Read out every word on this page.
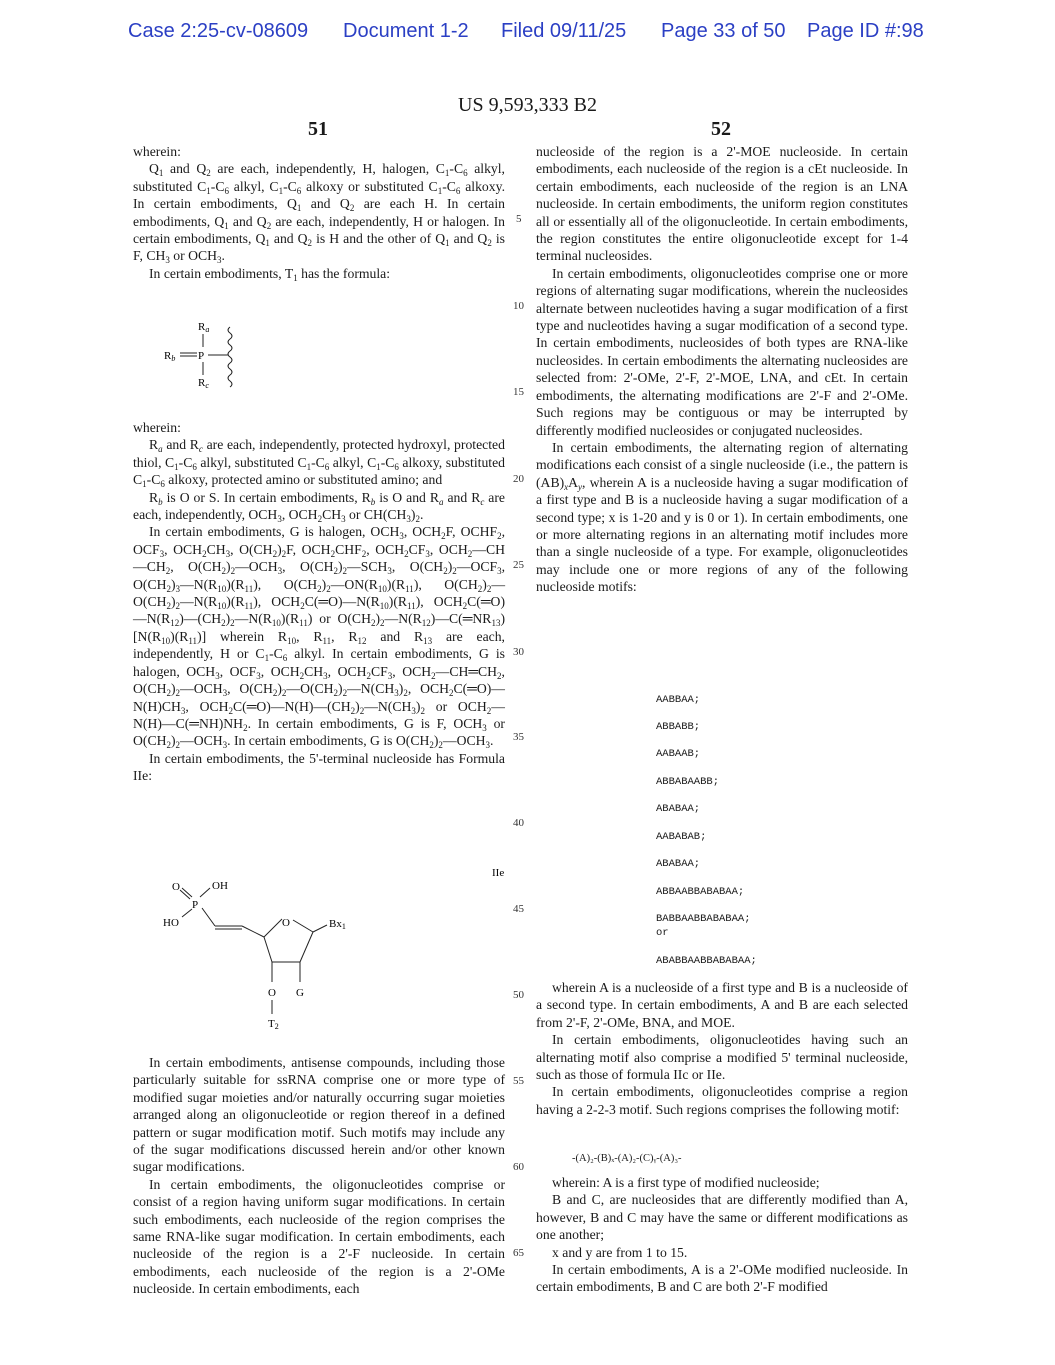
Case 2:25-cv-08609 Document 1-2 Filed 09/11/25 Page 33 of 50 Page ID #:98
US 9,593,333 B2
51	52

wherein:

$Q_1$ and $Q_2$ are each, independently, H, halogen, $C_1-C_6$ alkyl, substituted $C_1-C_6$ alkyl, $C_1-C_6$ alkoxy or substituted $C_1-C_6$ alkoxy. In certain embodiments, $Q_1$ and $Q_2$ are each H. In certain embodiments, $Q_1$ and $Q_2$ are each, independently, H or halogen. In certain embodiments, $Q_1$ and $Q_2$ is H and the other of $Q_1$ and $Q_2$ is F, $CH_3$ or $OCH_3$.

In certain embodiments, $T_1$ has the formula:

Ra
Rb P
Rc

wherein:

$R_a$ and $R_c$ are each, independently, protected hydroxyl, protected thiol, $C_1-C_6$ alkyl, substituted $C_1-C_6$ alkyl, $C_1-C_6$ alkoxy, substituted $C_1-C_6$ alkoxy, protected amino or substituted amino; and

$R_b$ is O or S. In certain embodiments, $R_b$ is O and $R_a$ and $R_c$ are each, independently, $OCH_3$, $OCH_2CH_3$ or $CH(CH_3)_2$.

In certain embodiments, G is halogen, $OCH_3$, $OCH_2F$, $OCHF_2$, $OCF_3$, $OCH_2CH_3$, $O(CH_2)_2F$, $OCH_2CHF_2$, $OCH_2CF_3$, $OCH_2—CH—CH_2$, $O(CH_2)_2—OCH_3$, $O(CH_2)_2—SCH_3$, $O(CH_2)_2—OCF_3$, $O(CH_2)_3—N(R_{10})(R_{11})$, $O(CH_2)_2—ON(R_{10})(R_{11})$, $O(CH_2)_2—O(CH_2)_2—N(R_{10})(R_{11})$, $OCH_2C(═O)—N(R_{10})(R_{11})$, $OCH_2C(═O)—N(R_{12})—(CH_2)_2—N(R_{10})(R_{11})$ or $O(CH_2)_2—N(R_{12})—C(═NR_{13})[N(R_{10})(R_{11})]$ wherein $R_{10}$, $R_{11}$, $R_{12}$ and $R_{13}$ are each, independently, H or $C_1-C_6$ alkyl. In certain embodiments, G is halogen, $OCH_3$, $OCF_3$, $OCH_2CH_3$, $OCH_2CF_3$, $OCH_2—CH═CH_2$, $O(CH_2)_2—OCH_3$, $O(CH_2)_2—O(CH_2)_2—N(CH_3)_2$, $OCH_2C(═O)—N(H)CH_3$, $OCH_2C(═O)—N(H)—(CH_2)_2—N(CH_3)_2$ or $OCH_2—N(H)—C(═NH)NH_2$. In certain embodiments, G is F, $OCH_3$ or $O(CH_2)_2—OCH_3$. In certain embodiments, G is $O(CH_2)_2—OCH_3$.

In certain embodiments, the 5'-terminal nucleoside has Formula IIe:

IIe
O	OH
P
HO	O	Bx1
O G
T2

In certain embodiments, antisense compounds, including those particularly suitable for ssRNA comprise one or more type of modified sugar moieties and/or naturally occurring sugar moieties arranged along an oligonucleotide or region thereof in a defined pattern or sugar modification motif. Such motifs may include any of the sugar modifications discussed herein and/or other known sugar modifications.

In certain embodiments, the oligonucleotides comprise or consist of a region having uniform sugar modifications. In certain such embodiments, each nucleoside of the region comprises the same RNA-like sugar modification. In certain embodiments, each nucleoside of the region is a 2'-F nucleoside. In certain embodiments, each nucleoside of the region is a 2'-OMe nucleoside. In certain embodiments, each

nucleoside of the region is a 2'-MOE nucleoside. In certain embodiments, each nucleoside of the region is a cEt nucleoside. In certain embodiments, each nucleoside of the region is an LNA nucleoside. In certain embodiments, the uniform region constitutes all or essentially all of the oligonucleotide. In certain embodiments, the region constitutes the entire oligonucleotide except for 1-4 terminal nucleosides.

In certain embodiments, oligonucleotides comprise one or more regions of alternating sugar modifications, wherein the nucleosides alternate between nucleotides having a sugar modification of a first type and nucleotides having a sugar modification of a second type. In certain embodiments, nucleosides of both types are RNA-like nucleosides. In certain embodiments the alternating nucleosides are selected from: 2'-OMe, 2'-F, 2'-MOE, LNA, and cEt. In certain embodiments, the alternating modifications are 2'-F and 2'-OMe. Such regions may be contiguous or may be interrupted by differently modified nucleosides or conjugated nucleosides.

In certain embodiments, the alternating region of alternating modifications each consist of a single nucleoside (i.e., the pattern is $(AB)_xA_y$, wherein A is a nucleoside having a sugar modification of a first type and B is a nucleoside having a sugar modification of a second type; x is 1-20 and y is 0 or 1). In certain embodiments, one or more alternating regions in an alternating motif includes more than a single nucleoside of a type. For example, oligonucleotides may include one or more regions of any of the following nucleoside motifs:

AABBAA;
ABBABB;
AABAAB;
ABBABAABB;
ABABAA;
AABABAB;
ABABAA;
ABBAABBABABAA;
BABBAABBABABAA;
or
ABABBAABBABABAA;

wherein A is a nucleoside of a first type and B is a nucleoside of a second type. In certain embodiments, A and B are each selected from 2'-F, 2'-OMe, BNA, and MOE.

In certain embodiments, oligonucleotides having such an alternating motif also comprise a modified 5' terminal nucleoside, such as those of formula IIc or IIe.

In certain embodiments, oligonucleotides comprise a region having a 2-2-3 motif. Such regions comprises the following motif:

-(A)₂-(B)ₓ-(A)₂-(C)ᵧ-(A)₃-

wherein: A is a first type of modified nucleoside;

B and C, are nucleosides that are differently modified than A, however, B and C may have the same or different modifications as one another;

x and y are from 1 to 15.

In certain embodiments, A is a 2'-OMe modified nucleoside. In certain embodiments, B and C are both 2'-F modified

5
10
15
20
25
30
35
40
45
50
55
60
65
